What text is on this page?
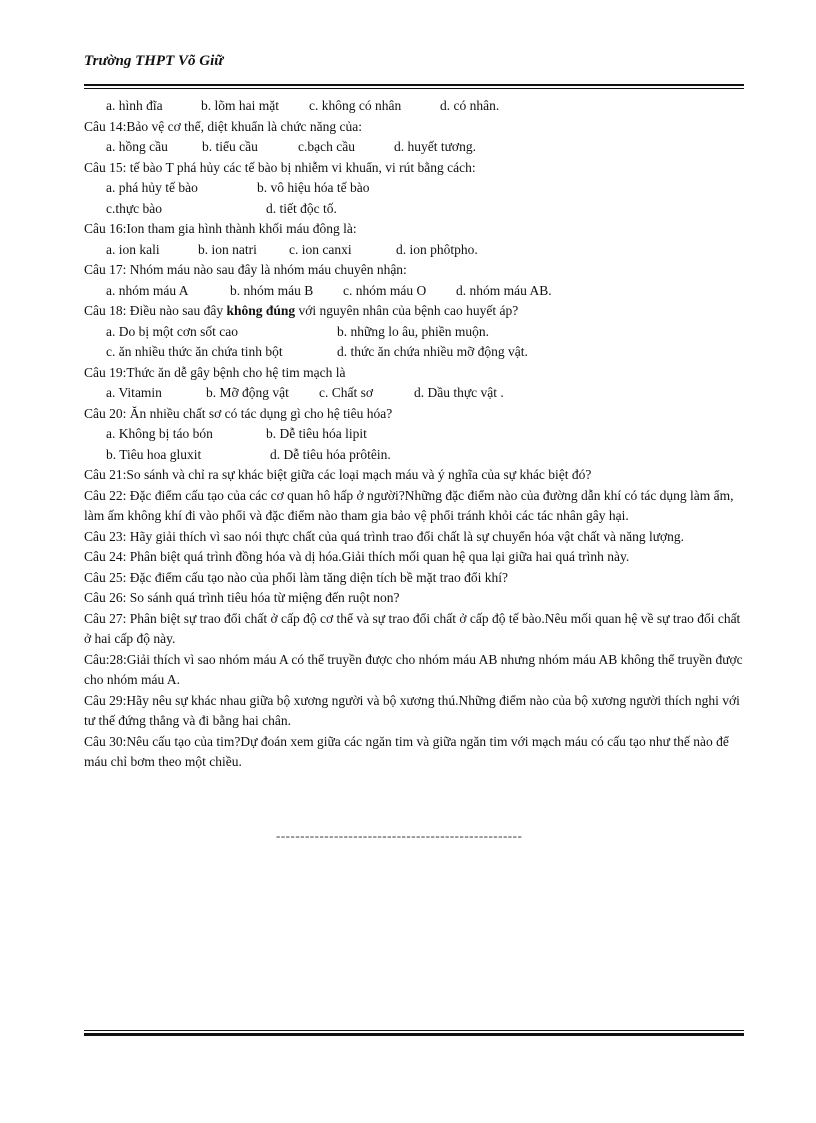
Trường THPT Võ Giữ
a. hình đĩa	b. lõm hai mặt c. không có nhân	d. có nhân.
Câu 14:Bảo vệ cơ thể, diệt khuẩn là chức năng của:
a. hồng cầu	b. tiểu cầu	c.bạch cầu	d. huyết tương.
Câu 15: tế bào T phá hủy các tế bào bị nhiễm vi khuẩn, vi rút bằng cách:
a. phá hủy tế bào	b. vô hiệu hóa tế bào
c.thực bào	d. tiết độc tố.
Câu 16:Ion tham gia hình thành khối máu đông là:
a. ion kali	b. ion natri c. ion canxi	d. ion phôtpho.
Câu 17: Nhóm máu nào sau đây là nhóm máu chuyên nhận:
a. nhóm máu A	b. nhóm máu B c. nhóm máu O d. nhóm máu AB.
Câu 18: Điều nào sau đây không đúng với nguyên nhân của bệnh cao huyết áp?
a. Do bị một cơn sốt cao	b. những lo âu, phiền muộn.
c. ăn nhiều thức ăn chứa tinh bột	d. thức ăn chứa nhiều mỡ động vật.
Câu 19:Thức ăn dễ gây bệnh cho hệ tim mạch là
a. Vitamin	b. Mỡ động vật c. Chất sơ	d. Dầu thực vật .
Câu 20: Ăn nhiều chất sơ có tác dụng gì cho hệ tiêu hóa?
a. Không bị táo bón	b. Dễ tiêu hóa lipit
b. Tiêu hoa gluxit	d. Dễ tiêu hóa prôtêin.
Câu 21:So sánh và chỉ ra sự khác biệt giữa các loại mạch máu và ý nghĩa của sự khác biệt đó?
Câu 22: Đặc điểm cấu tạo của các cơ quan hô hấp ở người?Những đặc điểm nào của đường dẫn khí có tác dụng làm ẩm, làm ấm không khí đi vào phổi và đặc điểm nào tham gia bảo vệ phổi tránh khỏi các tác nhân gây hại.
Câu 23: Hãy giải thích vì sao nói thực chất của quá trình trao đổi chất là sự chuyển hóa vật chất và năng lượng.
Câu 24: Phân biệt quá trình đồng hóa và dị hóa.Giải thích mối quan hệ qua lại giữa hai quá trình này.
Câu 25: Đặc điểm cấu tạo nào của phổi làm tăng diện tích bề mặt trao đổi khí?
Câu 26: So sánh quá trình tiêu hóa từ miệng đến ruột non?
Câu 27: Phân biệt sự trao đổi chất ở cấp độ cơ thể và sự trao đổi chất ở cấp độ tế bào.Nêu mối quan hệ về sự trao đổi chất ở hai cấp độ này.
Câu:28:Giải thích vì sao nhóm máu A có thể truyền được cho nhóm máu AB nhưng nhóm máu AB không thể truyền được cho nhóm máu A.
Câu 29:Hãy nêu sự khác nhau giữa bộ xương người và bộ xương thú.Những điểm nào của bộ xương người thích nghi với tư thế đứng thẳng và đi bằng hai chân.
Câu 30:Nêu cấu tạo của tim?Dự đoán xem giữa các ngăn tim và giữa ngăn tim với mạch máu có cấu tạo như thế nào để máu chỉ bơm theo một chiều.
---------------------------------------------------
